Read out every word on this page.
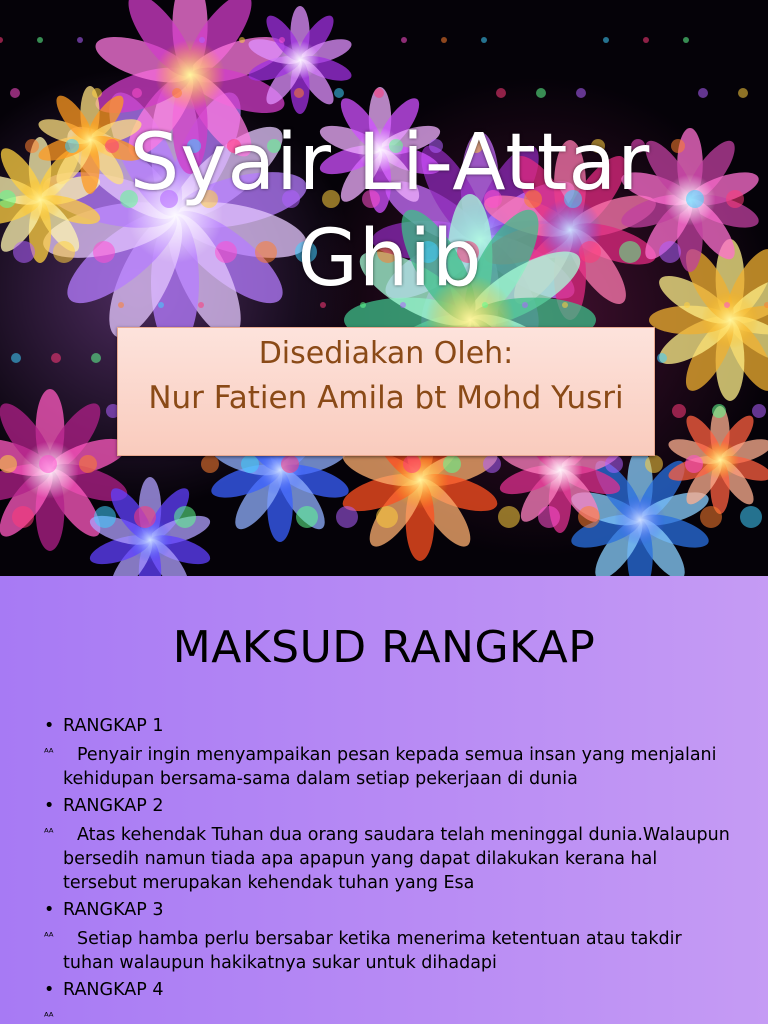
Syair Li-Attar Ghib
Disediakan Oleh:
Nur Fatien Amila bt Mohd Yusri
MAKSUD RANGKAP
• RANGKAP 1
ᴬᴬ	Penyair ingin menyampaikan pesan kepada semua insan yang menjalani kehidupan bersama-sama dalam setiap pekerjaan di dunia
• RANGKAP 2
ᴬᴬ	Atas kehendak Tuhan dua orang saudara telah meninggal dunia.Walaupun bersedih namun tiada apa apapun yang dapat dilakukan kerana hal tersebut merupakan kehendak tuhan yang Esa
• RANGKAP 3
ᴬᴬ	Setiap hamba perlu bersabar ketika menerima ketentuan atau takdir tuhan walaupun hakikatnya sukar untuk dihadapi
• RANGKAP 4
ᴬᴬ
